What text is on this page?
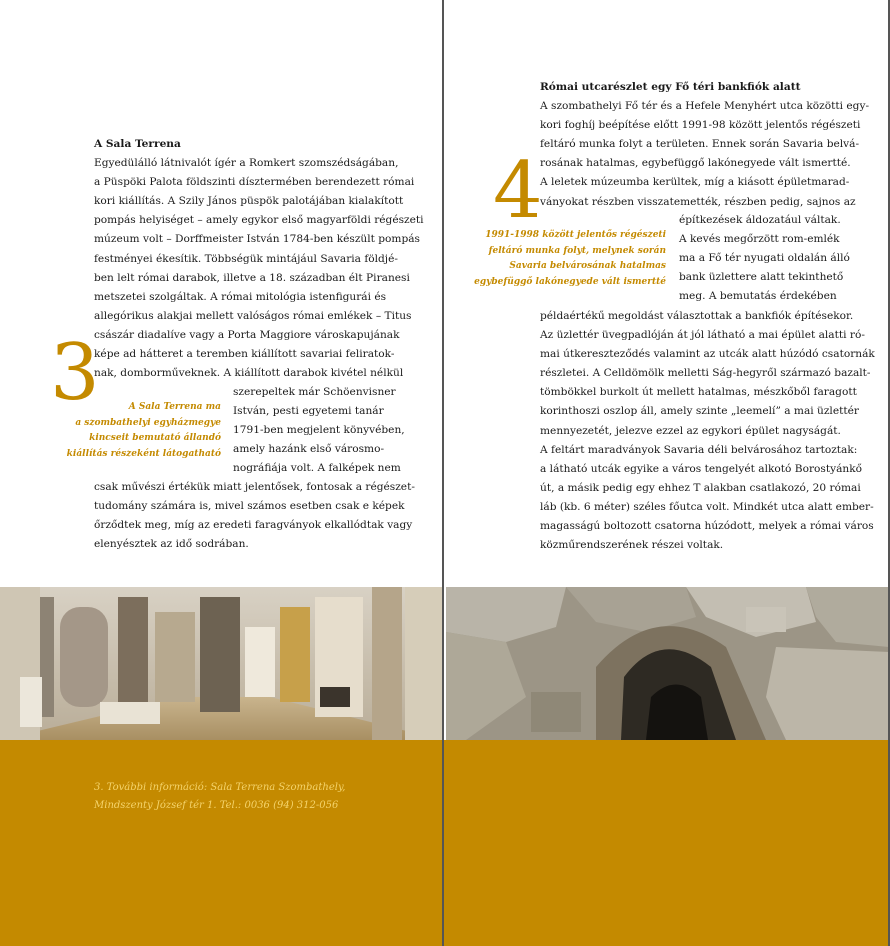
A Sala Terrena

Egyedülálló látnivalót ígér a Romkert szomszédságában,

a Püspöki Palota földszinti dísztermében berendezett római

kori kiállítás. A Szily János püspök palotájában kialakított

pompás helyiséget – amely egykor első magyarföldi régészeti

múzeum volt – Dorffmeister István 1784-ben készült pompás

festményei ékesítik. Többségük mintájául Savaria földjé-

ben lelt római darabok, illetve a 18. században élt Piranesi

metszetei szolgáltak. A római mitológia istenfigurái és

allegórikus alakjai mellett valóságos római emlékek – Titus

császár diadalíve vagy a Porta Maggiore városkapujának

képe ad hátteret a teremben kiállított savariai feliratok-

nak, domborműveknek. A kiállított darabok kivétel nélkül

szerepeltek már Schöenvisner

István, pesti egyetemi tanár

1791-ben megjelent könyvében,

amely hazánk első városmo-

nográfiája volt. A falképek nem

csak művészi értékük miatt jelentősek, fontosak a régészet-

tudomány számára is, mivel számos esetben csak e képek

őrződtek meg, míg az eredeti faragványok elkallódtak vagy

elenyésztek az idő sodrában.

3	A Sala Terrena ma

a szombathelyi egyházmegye

kincseit bemutató állandó

kiállítás részeként látogatható

3. További információ: Sala Terrena Szombathely,

Mindszenty József tér 1. Tel.: 0036 (94) 312-056

Római utcarészlet egy Fő téri bankfiók alatt

A szombathelyi Fő tér és a Hefele Menyhért utca közötti egy-

kori foghíj beépítése előtt 1991-98 között jelentős régészeti

feltáró munka folyt a területen. Ennek során Savaria belvá-

rosának hatalmas, egybefüggő lakónegyede vált ismertté.

A leletek múzeumba kerültek, míg a kiásott épületmarad-

ványokat részben visszatemették, részben pedig, sajnos az

építkezések áldozatául váltak.

A kevés megőrzött rom-emlék

ma a Fő tér nyugati oldalán álló

bank üzlettere alatt tekinthető

meg. A bemutatás érdekében

példaértékű megoldást választottak a bankfiók építésekor.

Az üzlettér üvegpadlóján át jól látható a mai épület alatti ró-

mai útkereszteződés valamint az utcák alatt húzódó csatornák

részletei. A Celldömölk melletti Ság-hegyről származó bazalt-

tömbökkel burkolt út mellett hatalmas, mészkőből faragott

korinthoszi oszlop áll, amely szinte „leemelí” a mai üzlettér

mennyezetét, jelezve ezzel az egykori épület nagyságát.

A feltárt maradványok Savaria déli belvárosához tartoztak:

a látható utcák egyike a város tengelyét alkotó Borostyánkő

út, a másik pedig egy ehhez T alakban csatlakozó, 20 római

láb (kb. 6 méter) széles főutca volt. Mindkét utca alatt ember-

magasságú boltozott csatorna húzódott, melyek a római város

közműrendszerének részei voltak.

4

1991-1998 között jelentős régészeti

feltáró munka folyt, melynek során

Savaria belvárosának hatalmas

egybefüggő lakónegyede vált ismertté
